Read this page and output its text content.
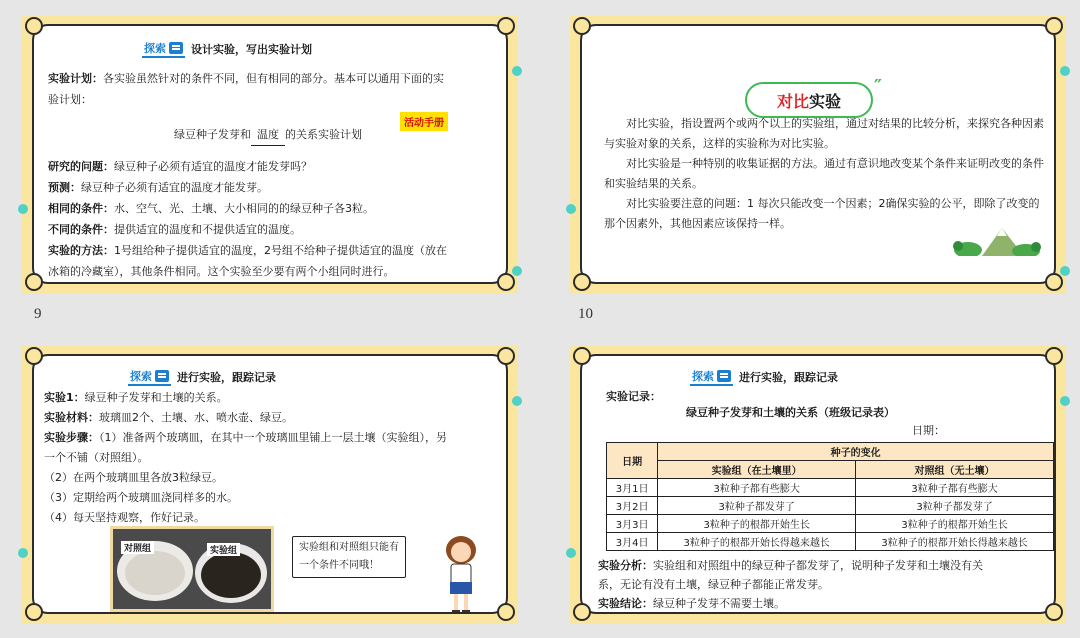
探索 设计实验，写出实验计划

实验计划：各实验虽然针对的条件不同，但有相同的部分。基本可以通用下面的实

验计划：

活动手册
绿豆种子发芽和 温度 的关系实验计划

研究的问题：绿豆种子必须有适宜的温度才能发芽吗？

预测：绿豆种子必须有适宜的温度才能发芽。

相同的条件：水、空气、光、土壤、大小相同的的绿豆种子各3粒。

不同的条件：提供适宜的温度和不提供适宜的温度。

实验的方法：1号组给种子提供适宜的温度，2号组不给种子提供适宜的温度（放在

冰箱的冷藏室），其他条件相同。这个实验至少要有两个小组同时进行。

9
对比 实验
″

对比实验，指设置两个或两个以上的实验组，通过对结果的比较分析，来探究各种因素与实验对象的关系，这样的实验称为对比实验。

对比实验是一种特别的收集证据的方法。通过有意识地改变某个条件来证明改变的条件和实验结果的关系。

对比实验要注意的问题：1 每次只能改变一个因素；2确保实验的公平，即除了改变的那个因素外，其他因素应该保持一样。

10
探索 进行实验，跟踪记录
实验1：绿豆种子发芽和土壤的关系。
实验材料：玻璃皿2个、土壤、水、喷水壶、绿豆。
实验步骤：（1）准备两个玻璃皿，在其中一个玻璃皿里铺上一层土壤（实验组），另
一个不铺（对照组）。
（2）在两个玻璃皿里各放3粒绿豆。
（3）定期给两个玻璃皿浇同样多的水。
（4）每天坚持观察，作好记录。
对照组	实验组	实验组和对照组只能有
一个条件不同哦！
探索 进行实验，跟踪记录
实验记录：
绿豆种子发芽和土壤的关系（班级记录表）
日期：
日期	种子的变化	
	实验组（在土壤里）	对照组（无土壤）
3月1日	3粒种子都有些膨大	3粒种子都有些膨大
3月2日	3粒种子都发芽了	3粒种子都发芽了
3月3日	3粒种子的根都开始生长	3粒种子的根都开始生长
3月4日	3粒种子的根都开始长得越来越长	3粒种子的根都开始长得越来越长
实验分析：实验组和对照组中的绿豆种子都发芽了，说明种子发芽和土壤没有关
系，无论有没有土壤，绿豆种子都能正常发芽。
实验结论：绿豆种子发芽不需要土壤。
